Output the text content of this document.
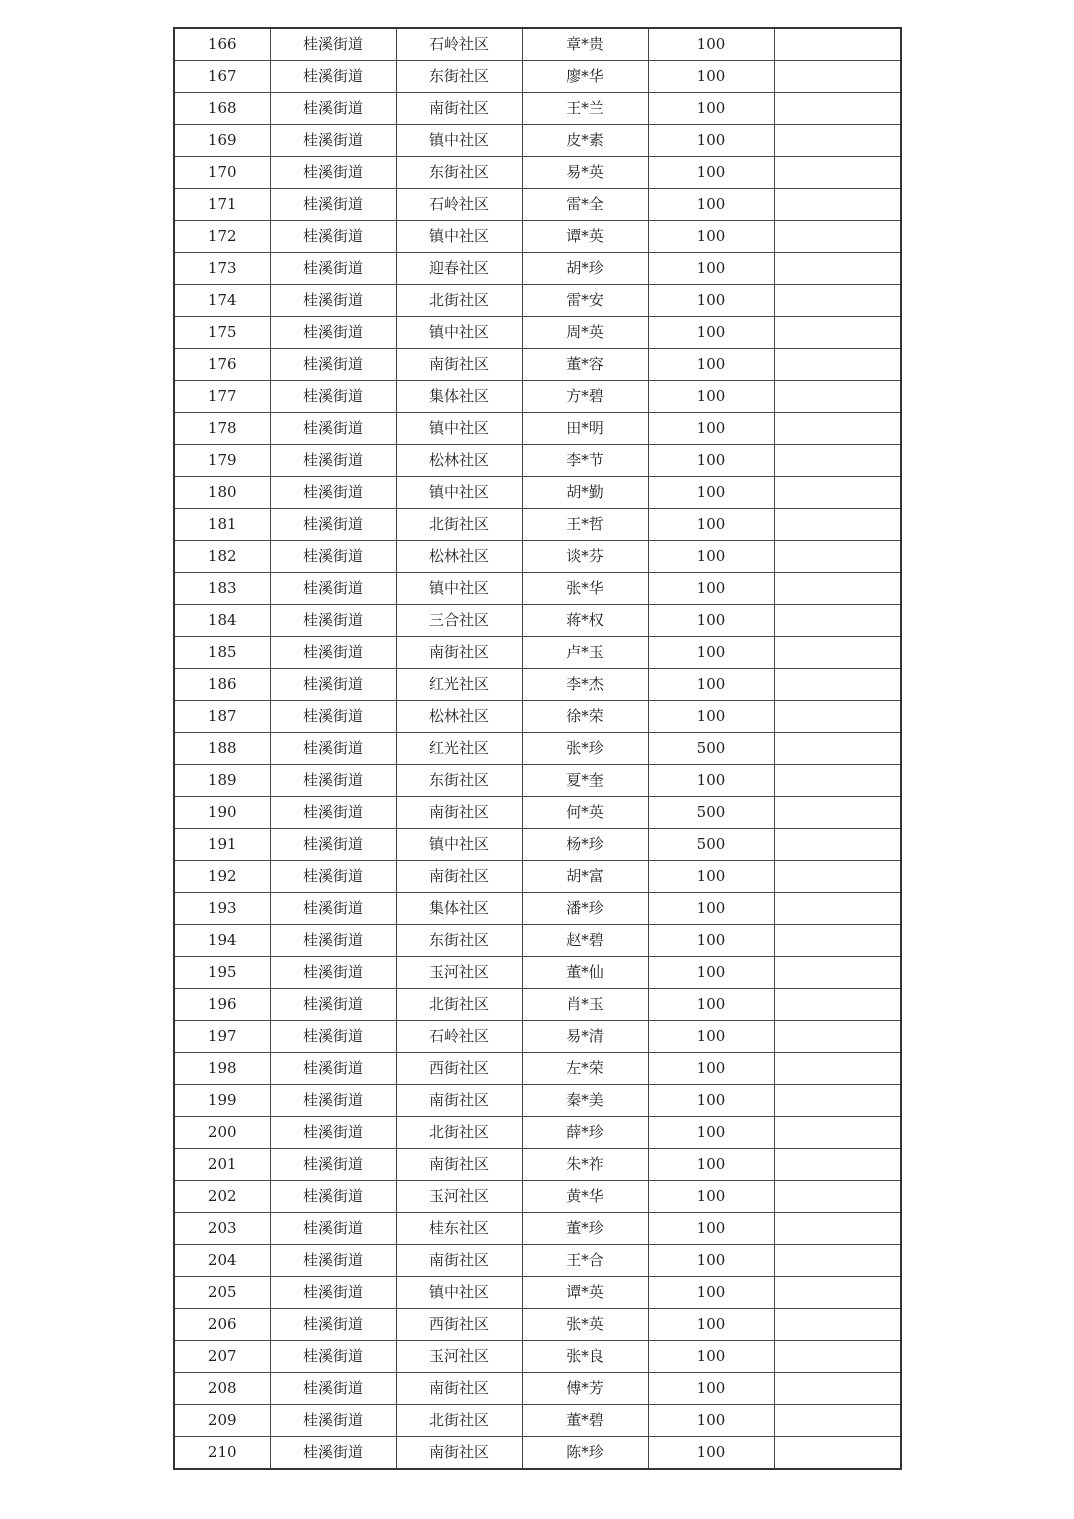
166	桂溪街道	石岭社区	章*贵	100	
167	桂溪街道	东街社区	廖*华	100	
168	桂溪街道	南街社区	王*兰	100	
169	桂溪街道	镇中社区	皮*素	100	
170	桂溪街道	东街社区	易*英	100	
171	桂溪街道	石岭社区	雷*全	100	
172	桂溪街道	镇中社区	谭*英	100	
173	桂溪街道	迎春社区	胡*珍	100	
174	桂溪街道	北街社区	雷*安	100	
175	桂溪街道	镇中社区	周*英	100	
176	桂溪街道	南街社区	董*容	100	
177	桂溪街道	集体社区	方*碧	100	
178	桂溪街道	镇中社区	田*明	100	
179	桂溪街道	松林社区	李*节	100	
180	桂溪街道	镇中社区	胡*勤	100	
181	桂溪街道	北街社区	王*哲	100	
182	桂溪街道	松林社区	谈*芬	100	
183	桂溪街道	镇中社区	张*华	100	
184	桂溪街道	三合社区	蒋*权	100	
185	桂溪街道	南街社区	卢*玉	100	
186	桂溪街道	红光社区	李*杰	100	
187	桂溪街道	松林社区	徐*荣	100	
188	桂溪街道	红光社区	张*珍	500	
189	桂溪街道	东街社区	夏*奎	100	
190	桂溪街道	南街社区	何*英	500	
191	桂溪街道	镇中社区	杨*珍	500	
192	桂溪街道	南街社区	胡*富	100	
193	桂溪街道	集体社区	潘*珍	100	
194	桂溪街道	东街社区	赵*碧	100	
195	桂溪街道	玉河社区	董*仙	100	
196	桂溪街道	北街社区	肖*玉	100	
197	桂溪街道	石岭社区	易*清	100	
198	桂溪街道	西街社区	左*荣	100	
199	桂溪街道	南街社区	秦*美	100	
200	桂溪街道	北街社区	薛*珍	100	
201	桂溪街道	南街社区	朱*祚	100	
202	桂溪街道	玉河社区	黄*华	100	
203	桂溪街道	桂东社区	董*珍	100	
204	桂溪街道	南街社区	王*合	100	
205	桂溪街道	镇中社区	谭*英	100	
206	桂溪街道	西街社区	张*英	100	
207	桂溪街道	玉河社区	张*良	100	
208	桂溪街道	南街社区	傅*芳	100	
209	桂溪街道	北街社区	董*碧	100	
210	桂溪街道	南街社区	陈*珍	100	
